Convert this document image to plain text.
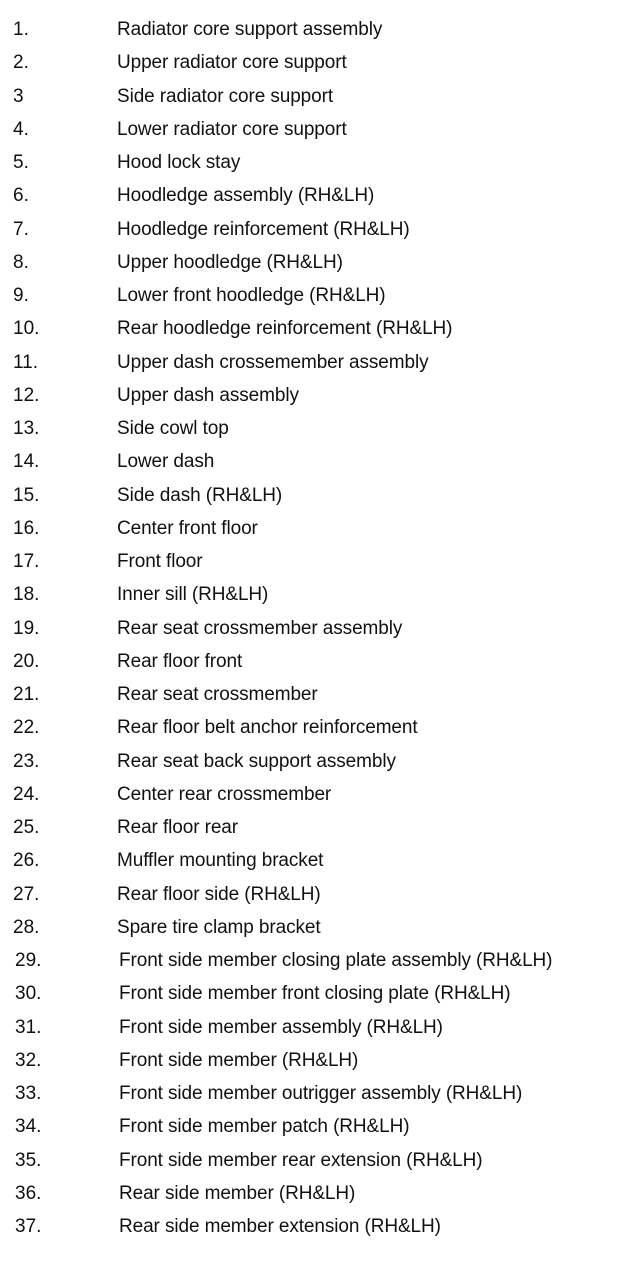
1.	Radiator core support assembly
2.	Upper radiator core support
3	Side radiator core support
4.	Lower radiator core support
5.	Hood lock stay
6.	Hoodledge assembly (RH&LH)
7.	Hoodledge reinforcement (RH&LH)
8.	Upper hoodledge (RH&LH)
9.	Lower front hoodledge (RH&LH)
10.	Rear hoodledge reinforcement (RH&LH)
11.	Upper dash crossemember assembly
12.	Upper dash assembly
13.	Side cowl top
14.	Lower dash
15.	Side dash (RH&LH)
16.	Center front floor
17.	Front floor
18.	Inner sill (RH&LH)
19.	Rear seat crossmember assembly
20.	Rear floor front
21.	Rear seat crossmember
22.	Rear floor belt anchor reinforcement
23.	Rear seat back support assembly
24.	Center rear crossmember
25.	Rear floor rear
26.	Muffler mounting bracket
27.	Rear floor side (RH&LH)
28.	Spare tire clamp bracket
29.	Front side member closing plate assembly (RH&LH)
30.	Front side member front closing plate (RH&LH)
31.	Front side member assembly (RH&LH)
32.	Front side member (RH&LH)
33.	Front side member outrigger assembly (RH&LH)
34.	Front side member patch (RH&LH)
35.	Front side member rear extension (RH&LH)
36.	Rear side member (RH&LH)
37.	Rear side member extension (RH&LH)
